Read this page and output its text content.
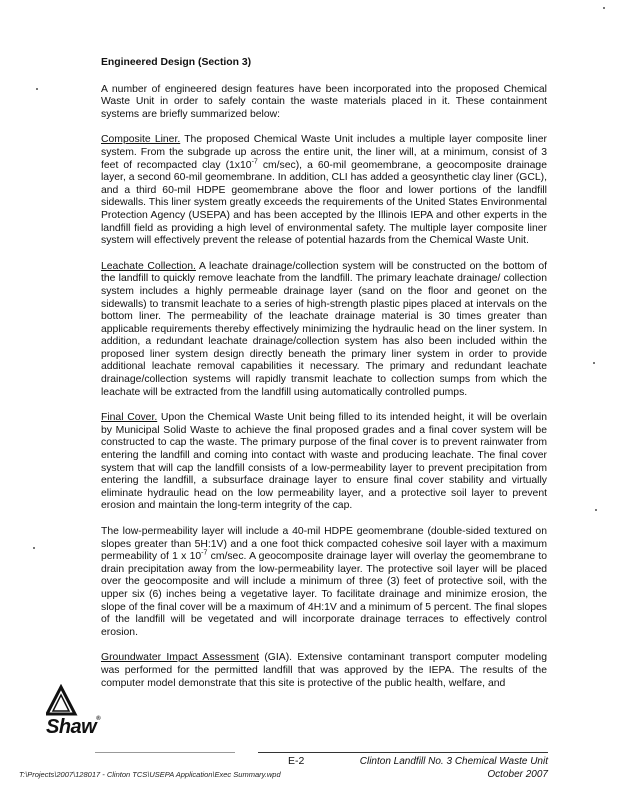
Engineered Design (Section 3)

A number of engineered design features have been incorporated into the proposed Chemical Waste Unit in order to safely contain the waste materials placed in it. These containment systems are briefly summarized below:

Composite Liner. The proposed Chemical Waste Unit includes a multiple layer composite liner system. From the subgrade up across the entire unit, the liner will, at a minimum, consist of 3 feet of recompacted clay ($1x10^{-7}$ cm/sec), a 60-mil geomembrane, a geocomposite drainage layer, a second 60-mil geomembrane. In addition, CLI has added a geosynthetic clay liner (GCL), and a third 60-mil HDPE geomembrane above the floor and lower portions of the landfill sidewalls. This liner system greatly exceeds the requirements of the United States Environmental Protection Agency (USEPA) and has been accepted by the Illinois IEPA and other experts in the landfill field as providing a high level of environmental safety. The multiple layer composite liner system will effectively prevent the release of potential hazards from the Chemical Waste Unit.

Leachate Collection. A leachate drainage/collection system will be constructed on the bottom of the landfill to quickly remove leachate from the landfill. The primary leachate drainage/ collection system includes a highly permeable drainage layer (sand on the floor and geonet on the sidewalls) to transmit leachate to a series of high-strength plastic pipes placed at intervals on the bottom liner. The permeability of the leachate drainage material is 30 times greater than applicable requirements thereby effectively minimizing the hydraulic head on the liner system. In addition, a redundant leachate drainage/collection system has also been included within the proposed liner system design directly beneath the primary liner system in order to provide additional leachate removal capabilities it necessary. The primary and redundant leachate drainage/collection systems will rapidly transmit leachate to collection sumps from which the leachate will be extracted from the landfill using automatically controlled pumps.

Final Cover. Upon the Chemical Waste Unit being filled to its intended height, it will be overlain by Municipal Solid Waste to achieve the final proposed grades and a final cover system will be constructed to cap the waste. The primary purpose of the final cover is to prevent rainwater from entering the landfill and coming into contact with waste and producing leachate. The final cover system that will cap the landfill consists of a low-permeability layer to prevent precipitation from entering the landfill, a subsurface drainage layer to ensure final cover stability and virtually eliminate hydraulic head on the low permeability layer, and a protective soil layer to prevent erosion and maintain the long-term integrity of the cap.

The low-permeability layer will include a 40-mil HDPE geomembrane (double-sided textured on slopes greater than 5H:1V) and a one foot thick compacted cohesive soil layer with a maximum permeability of 1 x $10^{-7}$ cm/sec. A geocomposite drainage layer will overlay the geomembrane to drain precipitation away from the low-permeability layer. The protective soil layer will be placed over the geocomposite and will include a minimum of three (3) feet of protective soil, with the upper six (6) inches being a vegetative layer. To facilitate drainage and minimize erosion, the slope of the final cover will be a maximum of 4H:1V and a minimum of 5 percent. The final slopes of the landfill will be vegetated and will incorporate drainage terraces to effectively control erosion.

Groundwater Impact Assessment (GIA). Extensive contaminant transport computer modeling was performed for the permitted landfill that was approved by the IEPA. The results of the computer model demonstrate that this site is protective of the public health, welfare, and

Shaw®
E-2	Clinton Landfill No. 3 Chemical Waste Unit
October 2007
T:\Projects\2007\128017 - Clinton TCS\USEPA Application\Exec Summary.wpd
